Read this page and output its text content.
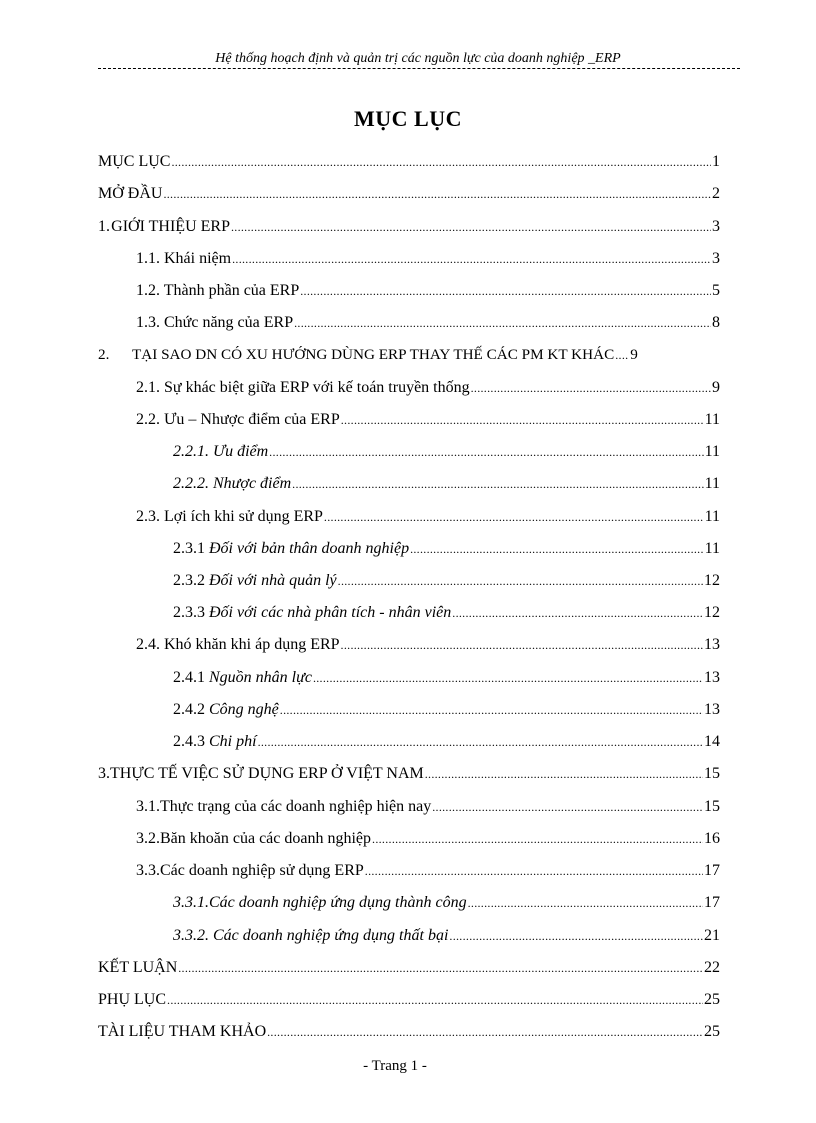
Hệ thống hoạch định và quản trị các nguồn lực của doanh nghiệp _ERP
MỤC LỤC
MỤC LỤC .....	1
MỞ ĐẦU .....	2
1. GIỚI THIỆU ERP .....	3
1.1. Khái niệm .....	3
1.2. Thành phần của ERP .....	5
1.3. Chức năng của ERP .....	8
2.	TẠI SAO DN CÓ XU HƯỚNG DÙNG ERP THAY THẾ CÁC PM KT KHÁC ..... 9
2.1. Sự khác biệt giữa ERP với kế toán truyền thống .....	9
2.2. Ưu – Nhược điểm của ERP .....	11
2.2.1. Ưu điểm .....	11
2.2.2. Nhược điểm .....	11
2.3. Lợi ích khi sử dụng ERP .....	11
2.3.1 Đối với bản thân doanh nghiệp .....	11
2.3.2 Đối với nhà quản lý .....	12
2.3.3 Đối với các nhà phân tích - nhân viên .....	12
2.4. Khó khăn khi áp dụng ERP .....	13
2.4.1 Nguồn nhân lực .....	13
2.4.2 Công nghệ .....	13
2.4.3 Chi phí .....	14
3. THỰC TẾ VIỆC SỬ DỤNG ERP Ở VIỆT NAM .....	15
3.1. Thực trạng của các doanh nghiệp hiện nay .....	15
3.2. Băn khoăn của các doanh nghiệp .....	16
3.3. Các doanh nghiệp sử dụng ERP .....	17
3.3.1. Các doanh nghiệp ứng dụng thành công .....	17
3.3.2. Các doanh nghiệp ứng dụng thất bại .....	21
KẾT LUẬN .....	22
PHỤ LỤC .....	25
TÀI LIỆU THAM KHẢO .....	25
- Trang 1 -
